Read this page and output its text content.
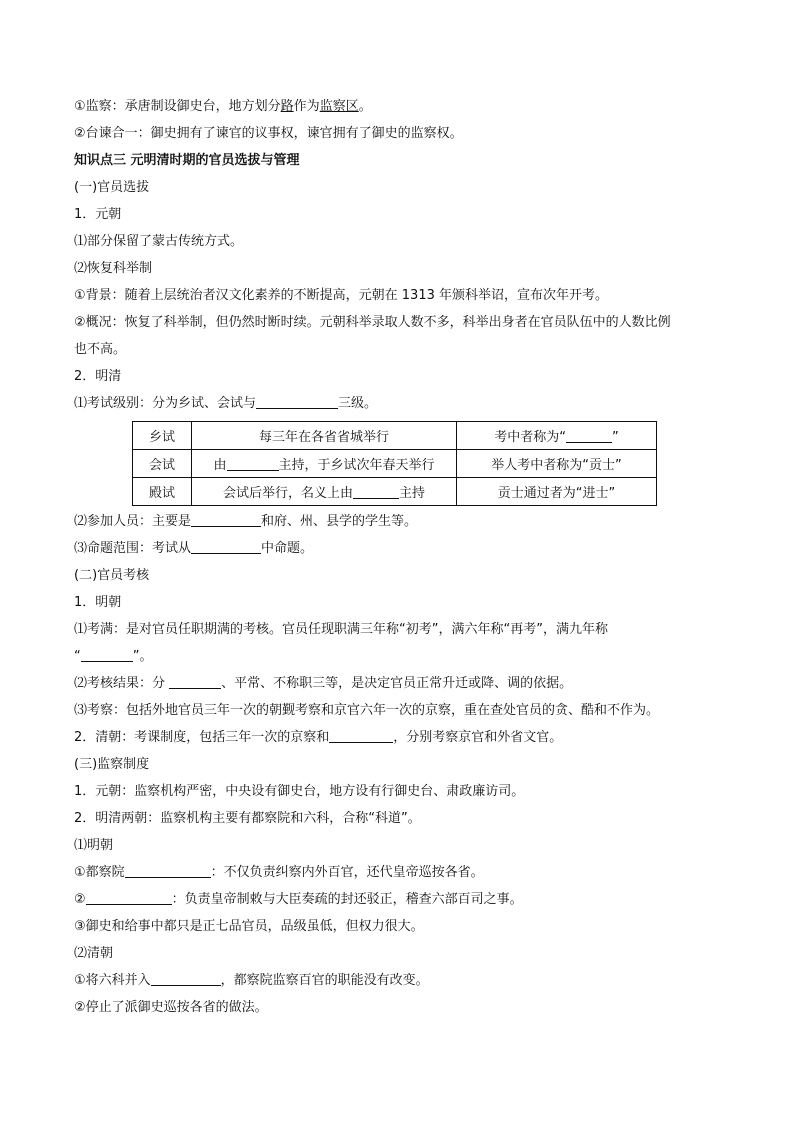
①监察：承唐制设御史台，地方划分路作为监察区。
②台谏合一：御史拥有了谏官的议事权，谏官拥有了御史的监察权。
知识点三 元明清时期的官员选拔与管理
(一)官员选拔
1．元朝
⑴部分保留了蒙古传统方式。
⑵恢复科举制
①背景：随着上层统治者汉文化素养的不断提高，元朝在 1313 年颁科举诏，宣布次年开考。
②概况：恢复了科举制，但仍然时断时续。元朝科举录取人数不多，科举出身者在官员队伍中的人数比例
也不高。
2．明清
⑴考试级别：分为乡试、会试与	三级。
乡试	每三年在各省省城举行	考中者称为“ ”
会试	由 主持，于乡试次年春天举行	举人考中者称为“贡士”
殿试	会试后举行，名义上由 主持	贡士通过者为“进士”
⑵参加人员：主要是	和府、州、县学的学生等。
⑶命题范围：考试从	中命题。
(二)官员考核
1．明朝
⑴考满：是对官员任职期满的考核。官员任现职满三年称“初考”，满六年称“再考”，满九年称
“	”。
⑵考核结果：分	、平常、不称职三等，是决定官员正常升迁或降、调的依据。
⑶考察：包括外地官员三年一次的朝觐考察和京官六年一次的京察，重在查处官员的贪、酷和不作为。
2．清朝：考课制度，包括三年一次的京察和	，分别考察京官和外省文官。
(三)监察制度
1．元朝：监察机构严密，中央设有御史台，地方设有行御史台、肃政廉访司。
2．明清两朝：监察机构主要有都察院和六科，合称“科道”。
⑴明朝
①都察院	：不仅负责纠察内外百官，还代皇帝巡按各省。
②	：负责皇帝制敕与大臣奏疏的封还驳正，稽查六部百司之事。
③御史和给事中都只是正七品官员，品级虽低，但权力很大。
⑵清朝
①将六科并入	，都察院监察百官的职能没有改变。
②停止了派御史巡按各省的做法。
